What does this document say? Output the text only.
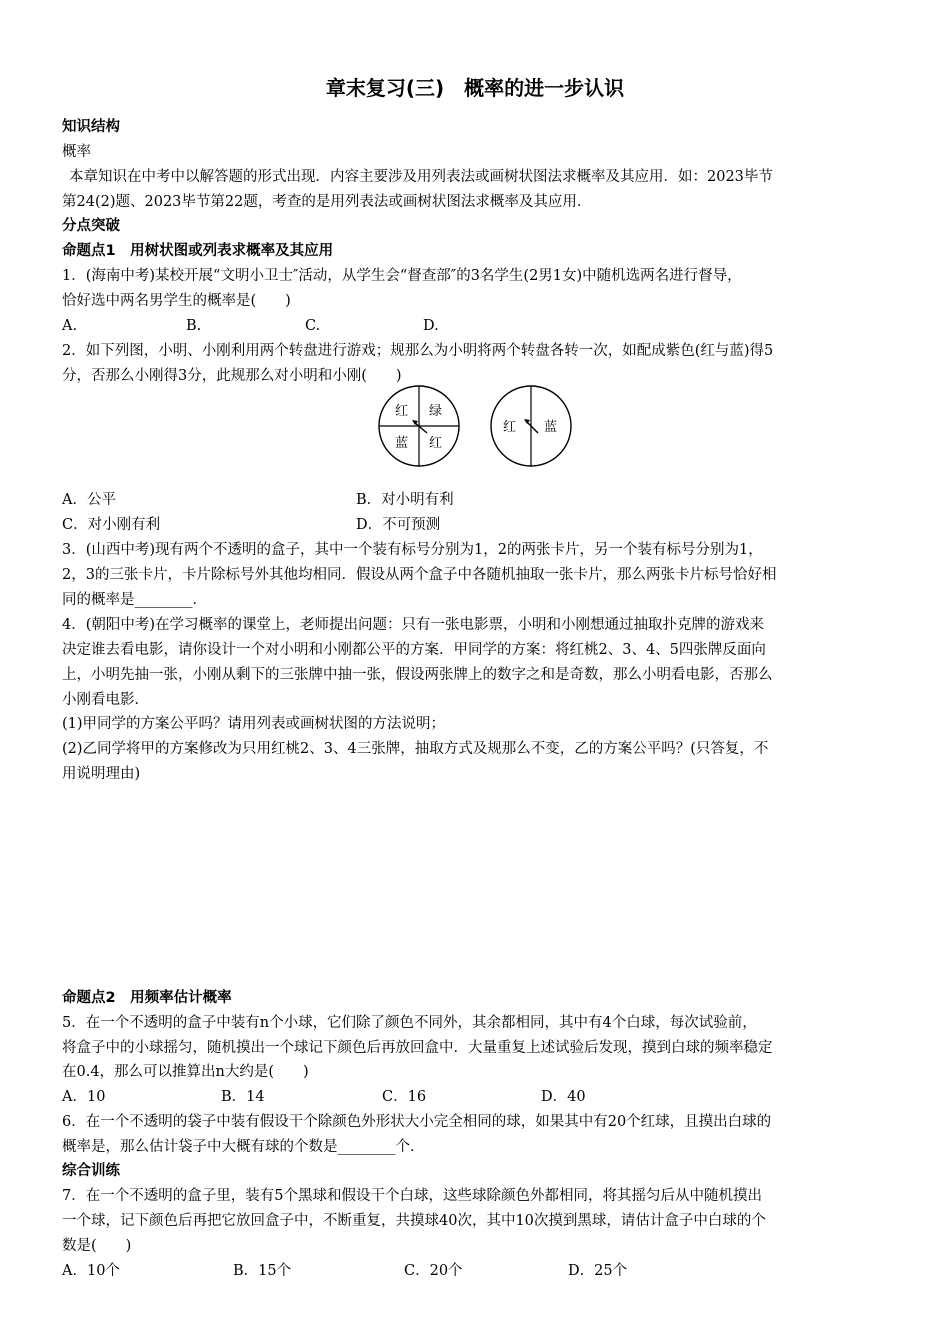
章末复习(三)　概率的进一步认识
知识结构
概率
本章知识在中考中以解答题的形式出现．内容主要涉及用列表法或画树状图法求概率及其应用．如：2023毕节
第24(2)题、2023毕节第22题，考查的是用列表法或画树状图法求概率及其应用．
分点突破
命题点1　用树状图或列表求概率及其应用
1．(海南中考)某校开展“文明小卫士″活动，从学生会“督查部″的3名学生(2男1女)中随机选两名进行督导，
恰好选中两名男学生的概率是(　　)
A.	B.	C.	D.
2．如下列图，小明、小刚利用两个转盘进行游戏；规那么为小明将两个转盘各转一次，如配成紫色(红与蓝)得5
分，否那么小刚得3分，此规那么对小明和小刚(　　)
红 绿
蓝 红
红 蓝
A．公平	B．对小明有利
C．对小刚有利	D．不可预测
3．(山西中考)现有两个不透明的盒子，其中一个装有标号分别为1，2的两张卡片，另一个装有标号分别为1，
2，3的三张卡片，卡片除标号外其他均相同．假设从两个盒子中各随机抽取一张卡片，那么两张卡片标号恰好相
同的概率是________．
4．(朝阳中考)在学习概率的课堂上，老师提出问题：只有一张电影票，小明和小刚想通过抽取扑克牌的游戏来
决定谁去看电影，请你设计一个对小明和小刚都公平的方案．甲同学的方案：将红桃2、3、4、5四张牌反面向
上，小明先抽一张，小刚从剩下的三张牌中抽一张，假设两张牌上的数字之和是奇数，那么小明看电影，否那么
小刚看电影．
(1)甲同学的方案公平吗？请用列表或画树状图的方法说明；
(2)乙同学将甲的方案修改为只用红桃2、3、4三张牌，抽取方式及规那么不变，乙的方案公平吗？(只答复，不
用说明理由)
命题点2　用频率估计概率
5．在一个不透明的盒子中装有n个小球，它们除了颜色不同外，其余都相同，其中有4个白球，每次试验前，
将盒子中的小球摇匀，随机摸出一个球记下颜色后再放回盒中．大量重复上述试验后发现，摸到白球的频率稳定
在0.4，那么可以推算出n大约是(　　)
A．10	B．14	C．16	D．40
6．在一个不透明的袋子中装有假设干个除颜色外形状大小完全相同的球，如果其中有20个红球，且摸出白球的
概率是，那么估计袋子中大概有球的个数是________个．
综合训练
7．在一个不透明的盒子里，装有5个黑球和假设干个白球，这些球除颜色外都相同，将其摇匀后从中随机摸出
一个球，记下颜色后再把它放回盒子中，不断重复，共摸球40次，其中10次摸到黑球，请估计盒子中白球的个
数是(　　)
A．10个	B．15个	C．20个	D．25个
